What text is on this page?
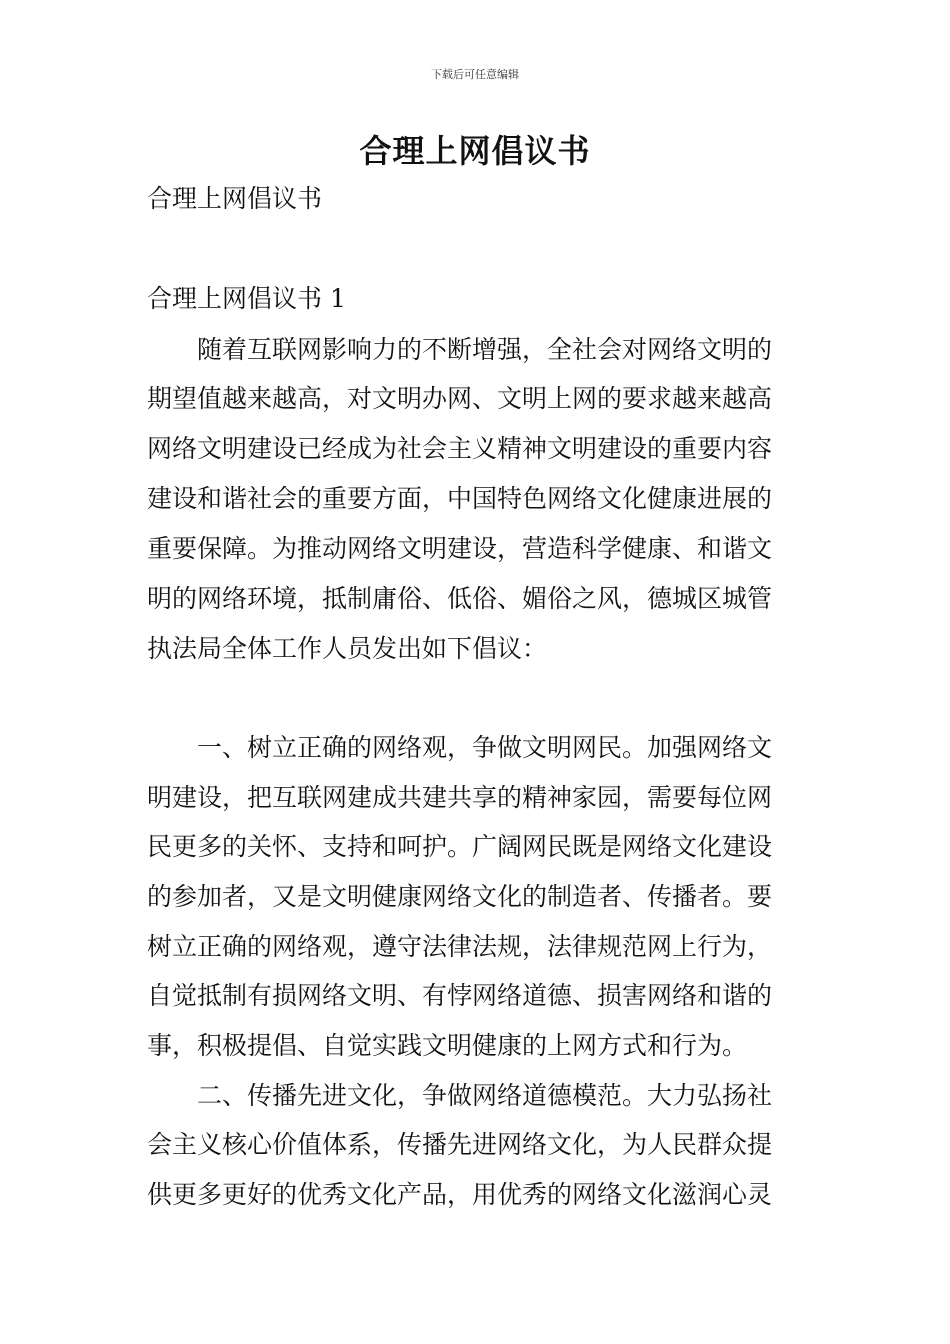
下载后可任意编辑
合理上网倡议书
合理上网倡议书
合理上网倡议书 1
随着互联网影响力的不断增强，全社会对网络文明的
期望值越来越高，对文明办网、文明上网的要求越来越高
网络文明建设已经成为社会主义精神文明建设的重要内容
建设和谐社会的重要方面，中国特色网络文化健康进展的
重要保障。为推动网络文明建设，营造科学健康、和谐文
明的网络环境，抵制庸俗、低俗、媚俗之风，德城区城管
执法局全体工作人员发出如下倡议：
一、树立正确的网络观，争做文明网民。加强网络文
明建设，把互联网建成共建共享的精神家园，需要每位网
民更多的关怀、支持和呵护。广阔网民既是网络文化建设
的参加者，又是文明健康网络文化的制造者、传播者。要
树立正确的网络观，遵守法律法规，法律规范网上行为，
自觉抵制有损网络文明、有悖网络道德、损害网络和谐的
事，积极提倡、自觉实践文明健康的上网方式和行为。
二、传播先进文化，争做网络道德模范。大力弘扬社
会主义核心价值体系，传播先进网络文化，为人民群众提
供更多更好的优秀文化产品，用优秀的网络文化滋润心灵
